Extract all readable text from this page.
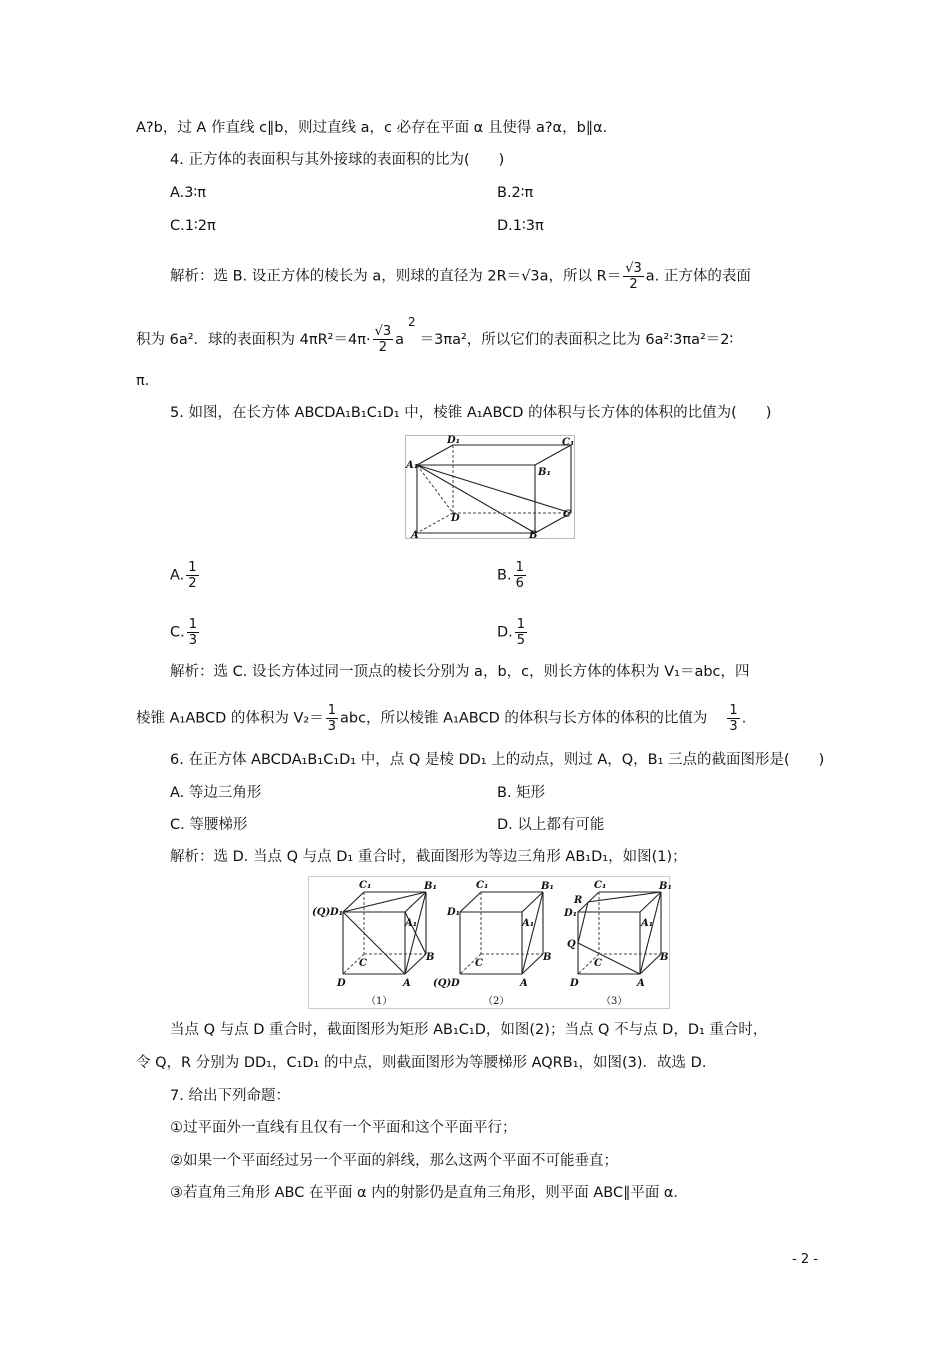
A?b，过 A 作直线 c∥b，则过直线 a，c 必存在平面 α 且使得 a?α，b∥α．
4. 正方体的表面积与其外接球的表面积的比为(　　)
A.3∶π	B.2∶π
C.1∶2π	D.1∶3π
解析：选 B. 设正方体的棱长为 a，则球的直径为 2R＝√3a，所以 $R= \frac{√3}{2} a$. 正方体的表面
积为 6a²．球的表面积为 $4\pi R^2=4\pi\cdot \frac{√3}{2} a^2=3\pi a^2$，所以它们的表面积之比为 6a²∶3πa²＝2∶
π．
5. 如图，在长方体 ABCDA₁B₁C₁D₁ 中，棱锥 A₁ABCD 的体积与长方体的体积的比值为(　　)
A₁
D₁	C₁
B₁
A	B
C
D
A. $\frac{1}{2}$	B. $\frac{1}{6}$
C. $\frac{1}{3}$	D. $\frac{1}{5}$
解析：选 C. 设长方体过同一顶点的棱长分别为 a，b，c，则长方体的体积为 V₁＝abc，四
棱锥 A₁ABCD 的体积为 $V_2= \frac{1}{3}$ abc，所以棱锥 A₁ABCD 的体积与长方体的体积的比值为 $\frac{1}{3}$ .
6. 在正方体 ABCDA₁B₁C₁D₁ 中，点 Q 是棱 DD₁ 上的动点，则过 A，Q，B₁ 三点的截面图形是(　　)
A. 等边三角形	B. 矩形
C. 等腰梯形	D. 以上都有可能
解析：选 D. 当点 Q 与点 D₁ 重合时，截面图形为等边三角形 AB₁D₁，如图(1)；
C₁	B₁
(Q) D₁
A₁
C
B
D	A
（1）
C₁	B₁
D₁
A₁
C
B
(Q) D	A
（2）
C₁	B₁
R
D₁
A₁
Q
C
B
D	A
（3）
当点 Q 与点 D 重合时，截面图形为矩形 AB₁C₁D，如图(2)；当点 Q 不与点 D，D₁ 重合时，
令 Q，R 分别为 DD₁，C₁D₁ 的中点，则截面图形为等腰梯形 AQRB₁，如图(3)．故选 D.
7. 给出下列命题：
①过平面外一直线有且仅有一个平面和这个平面平行；
②如果一个平面经过另一个平面的斜线，那么这两个平面不可能垂直；
③若直角三角形 ABC 在平面 α 内的射影仍是直角三角形，则平面 ABC∥平面 α．
- 2 -
